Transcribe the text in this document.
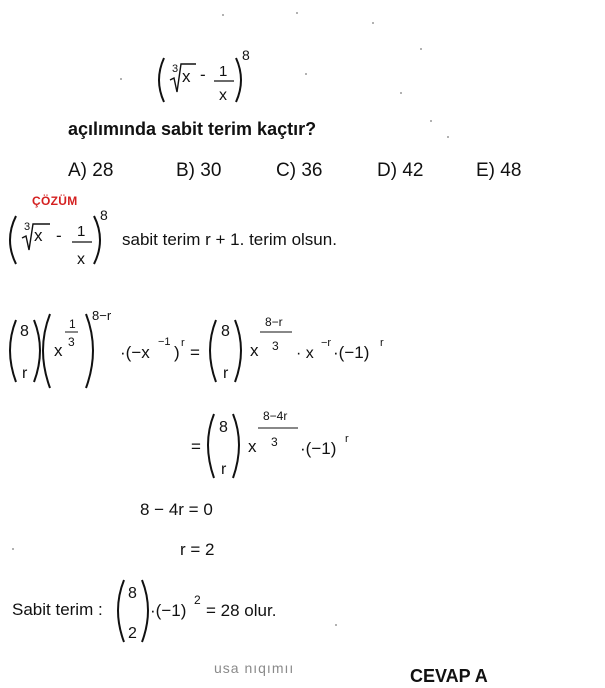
3 x - 1
x
8
3 x - 1
x
8
8
r
x
1
3
8−r
·(−x
−1
) r =
8
r
x
8−r
3 · x
−r ·(−1) r
=
8
r
x
8−4r
3 ·(−1) r
8
2
·(−1)
2
= 28 olur.
açılımında sabit terim kaçtır?
A) 28	B) 30	C) 36	D) 42	E) 48
ÇÖZÜM
sabit terim r + 1. terim olsun.
8 − 4r = 0
r = 2
Sabit terim :
usa nıqımıı	CEVAP A
